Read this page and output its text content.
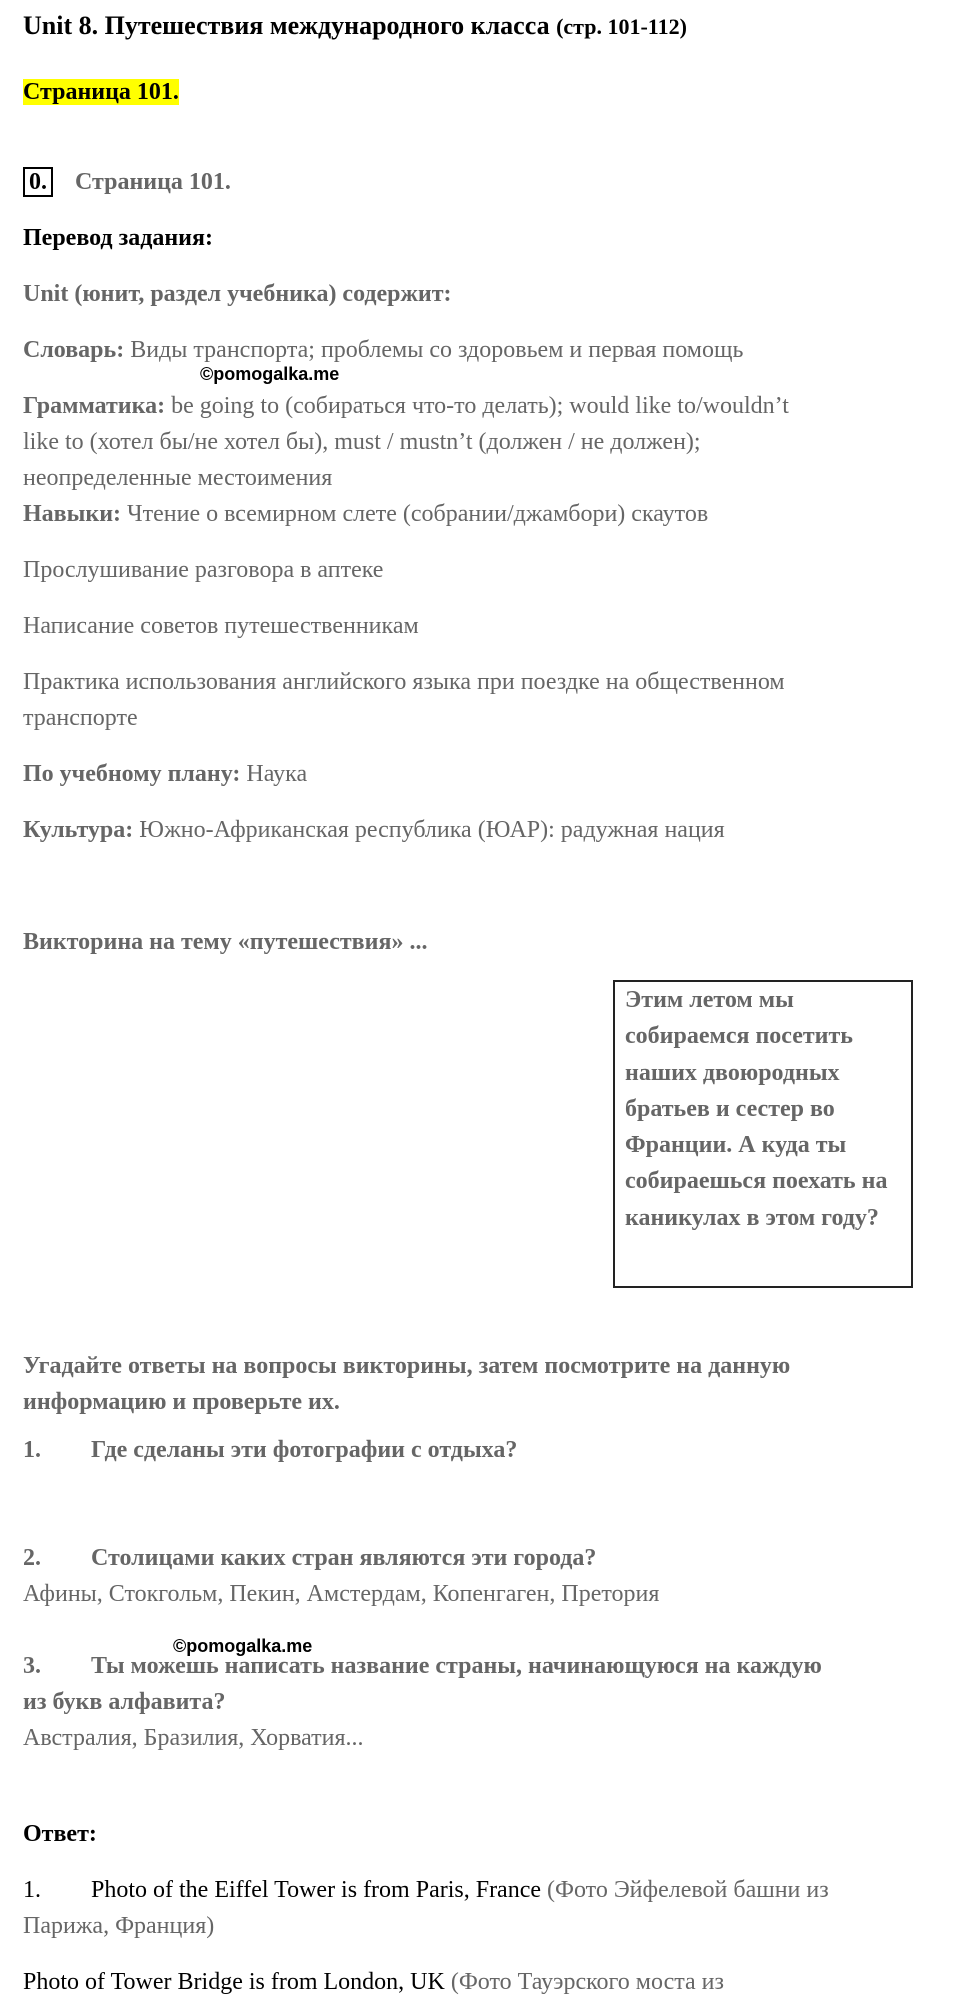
Unit 8. Путешествия международного класса (стр. 101-112)
Страница 101.
0. Страница 101.
Перевод задания:
Unit (юнит, раздел учебника) содержит:
Словарь: Виды транспорта; проблемы со здоровьем и первая помощь
©pomogalka.me
Грамматика: be going to (собираться что-то делать); would like to/wouldn’t
like to (хотел бы/не хотел бы), must / mustn’t (должен / не должен);
неопределенные местоимения
Навыки: Чтение о всемирном слете (собрании/джамбори) скаутов
Прослушивание разговора в аптеке
Написание советов путешественникам
Практика использования английского языка при поездке на общественном
транспорте
По учебному плану: Наука
Культура: Южно-Африканская республика (ЮАР): радужная нация
Викторина на тему «путешествия» ...
Этим летом мы собираемся посетить наших двоюродных братьев и сестер во Франции. А куда ты собираешься поехать на каникулах в этом году?
Угадайте ответы на вопросы викторины, затем посмотрите на данную
информацию и проверьте их.
1. Где сделаны эти фотографии с отдыха?
2. Столицами каких стран являются эти города?
Афины, Стокгольм, Пекин, Амстердам, Копенгаген, Претория
©pomogalka.me
3. Ты можешь написать название страны, начинающуюся на каждую
из букв алфавита?
Австралия, Бразилия, Хорватия...
Ответ:
1. Photo of the Eiffel Tower is from Paris, France (Фото Эйфелевой башни из
Парижа, Франция)
Photo of Tower Bridge is from London, UK (Фото Тауэрского моста из
